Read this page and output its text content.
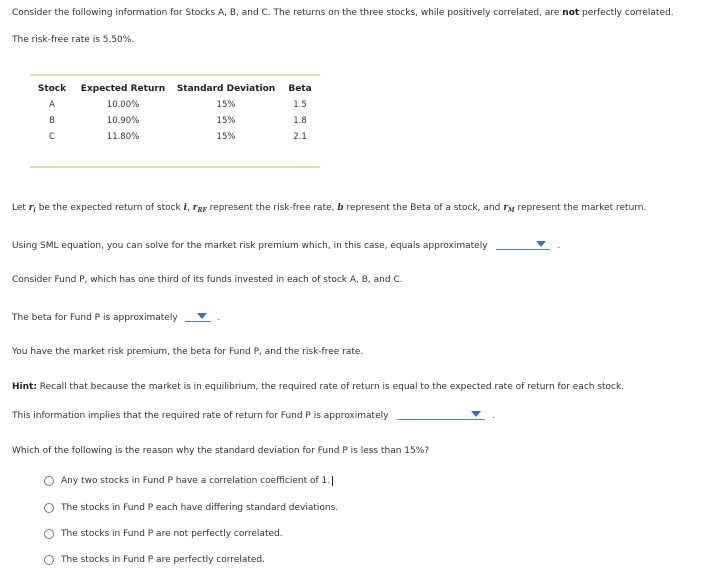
Consider the following information for Stocks A, B, and C. The returns on the three stocks, while positively correlated, are not perfectly correlated.
The risk-free rate is 5.50%.
Stock	Expected Return	Standard Deviation	Beta
A	10.00%	15%	1.5
B	10.90%	15%	1.8
C	11.80%	15%	2.1
Let $r_i$ be the expected return of stock i, $r_{RF}$ represent the risk-free rate, b represent the Beta of a stock, and $r_M$ represent the market return.
Using SML equation, you can solve for the market risk premium which, in this case, equals approximately	.
Consider Fund P, which has one third of its funds invested in each of stock A, B, and C.
The beta for Fund P is approximately	.
You have the market risk premium, the beta for Fund P, and the risk-free rate.
Hint: Recall that because the market is in equilibrium, the required rate of return is equal to the expected rate of return for each stock.
This information implies that the required rate of return for Fund P is approximately	.
Which of the following is the reason why the standard deviation for Fund P is less than 15%?
Any two stocks in Fund P have a correlation coefficient of 1.
The stocks in Fund P each have differing standard deviations.
The stocks in Fund P are not perfectly correlated.
The stocks in Fund P are perfectly correlated.
